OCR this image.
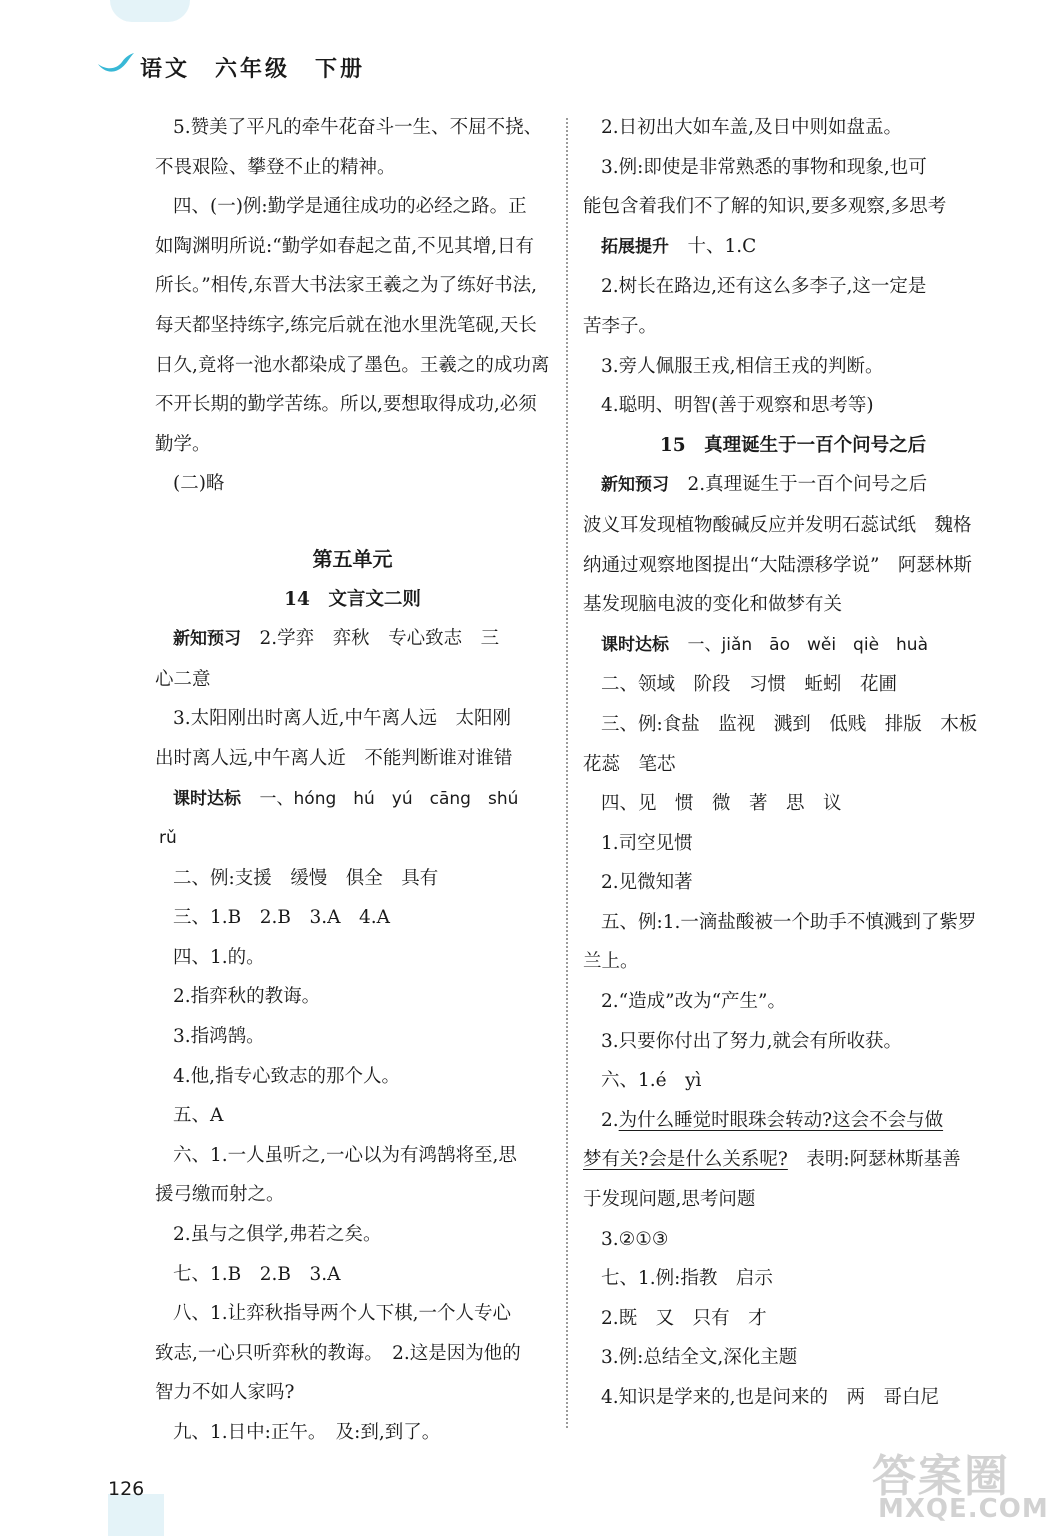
语文　六年级　下册
5.赞美了平凡的牵牛花奋斗一生、不屈不挠、
不畏艰险、攀登不止的精神。
四、(一)例:勤学是通往成功的必经之路。正
如陶渊明所说:“勤学如春起之苗,不见其增,日有
所长。”相传,东晋大书法家王羲之为了练好书法,
每天都坚持练字,练完后就在池水里洗笔砚,天长
日久,竟将一池水都染成了墨色。王羲之的成功离
不开长期的勤学苦练。所以,要想取得成功,必须
勤学。
(二)略
第五单元
14　文言文二则
新知预习　 2.学弈　弈秋　专心致志　三
心二意
3.太阳刚出时离人近,中午离人远　太阳刚
出时离人远,中午离人近　不能判断谁对谁错
课时达标　 一、hóng　hú　yú　cāng　shú
rǔ
二、例:支援　缓慢　俱全　具有
三、1.B　2.B　3.A　4.A
四、1.的。
2.指弈秋的教诲。
3.指鸿鹄。
4.他,指专心致志的那个人。
五、A
六、1.一人虽听之,一心以为有鸿鹄将至,思
援弓缴而射之。
2.虽与之俱学,弗若之矣。
七、1.B　2.B　3.A
八、1.让弈秋指导两个人下棋,一个人专心
致志,一心只听弈秋的教诲。　2.这是因为他的
智力不如人家吗?
九、1.日中:正午。　及:到,到了。
2.日初出大如车盖,及日中则如盘盂。
3.例:即使是非常熟悉的事物和现象,也可
能包含着我们不了解的知识,要多观察,多思考
拓展提升　 十、1.C
2.树长在路边,还有这么多李子,这一定是
苦李子。
3.旁人佩服王戎,相信王戎的判断。
4.聪明、明智(善于观察和思考等)
15　真理诞生于一百个问号之后
新知预习　 2.真理诞生于一百个问号之后
波义耳发现植物酸碱反应并发明石蕊试纸　魏格
纳通过观察地图提出“大陆漂移学说”　阿瑟林斯
基发现脑电波的变化和做梦有关
课时达标　 一、jiǎn　āo　wěi　qiè　huà
二、领域　阶段　习惯　蚯蚓　花圃
三、例:食盐　监视　溅到　低贱　排版　木板
花蕊　笔芯
四、见　惯　微　著　思　议
1.司空见惯
2.见微知著
五、例:1.一滴盐酸被一个助手不慎溅到了紫罗
兰上。
2.“造成”改为“产生”。
3.只要你付出了努力,就会有所收获。
六、1.é　yì
2.为什么睡觉时眼珠会转动?这会不会与做
梦有关?会是什么关系呢?　表明:阿瑟林斯基善
于发现问题,思考问题
3.②①③
七、1.例:指教　启示
2.既　又　只有　才
3.例:总结全文,深化主题
4.知识是学来的,也是问来的　两　哥白尼
126	答案圈
MXQE.COM
